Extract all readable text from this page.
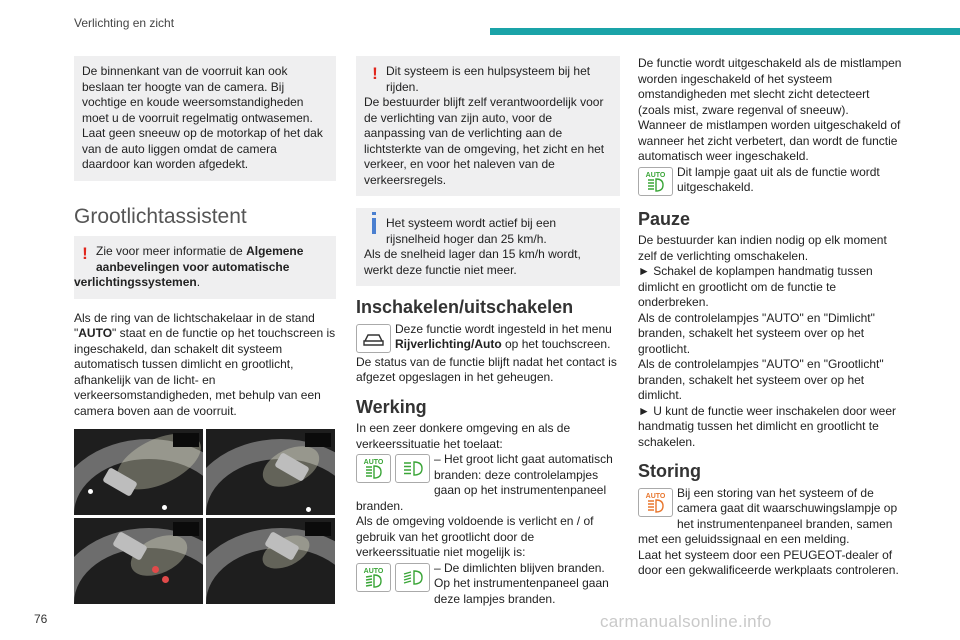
Verlichting en zicht

De binnenkant van de voorruit kan ook beslaan ter hoogte van de camera. Bij vochtige en koude weersomstandigheden moet u de voorruit regelmatig ontwasemen.

Laat geen sneeuw op de motorkap of het dak van de auto liggen omdat de camera daardoor kan worden afgedekt.

Grootlichtassistent
! Zie voor meer informatie de Algemene aanbevelingen voor automatische verlichtingssystemen.

Als de ring van de lichtschakelaar in de stand "AUTO" staat en de functie op het touchscreen is ingeschakeld, dan schakelt dit systeem automatisch tussen dimlicht en grootlicht, afhankelijk van de licht- en verkeersomstandigheden, met behulp van een camera boven aan de voorruit.

! Dit systeem is een hulpsysteem bij het rijden.

De bestuurder blijft zelf verantwoordelijk voor de verlichting van zijn auto, voor de aanpassing van de verlichting aan de lichtsterkte van de omgeving, het zicht en het verkeer, en voor het naleven van de verkeersregels.

Het systeem wordt actief bij een rijsnelheid hoger dan 25 km/h.

Als de snelheid lager dan 15 km/h wordt, werkt deze functie niet meer.

Inschakelen/uitschakelen

Deze functie wordt ingesteld in het menu Rijverlichting/Auto op het touchscreen.

De status van de functie blijft nadat het contact is afgezet opgeslagen in het geheugen.

Werking

In een zeer donkere omgeving en als de verkeerssituatie het toelaat:

AUTO	– Het groot licht gaat automatisch branden: deze controlelampjes gaan op het instrumentenpaneel branden.

Als de omgeving voldoende is verlicht en / of gebruik van het grootlicht door de verkeerssituatie niet mogelijk is:

AUTO	– De dimlichten blijven branden. Op het instrumentenpaneel gaan deze lampjes branden.

De functie wordt uitgeschakeld als de mistlampen worden ingeschakeld of het systeem omstandigheden met slecht zicht detecteert (zoals mist, zware regenval of sneeuw).

Wanneer de mistlampen worden uitgeschakeld of wanneer het zicht verbetert, dan wordt de functie automatisch weer ingeschakeld.

AUTO Dit lampje gaat uit als de functie wordt uitgeschakeld.

Pauze

De bestuurder kan indien nodig op elk moment zelf de verlichting omschakelen.

► Schakel de koplampen handmatig tussen dimlicht en grootlicht om de functie te onderbreken.

Als de controlelampjes "AUTO" en "Dimlicht" branden, schakelt het systeem over op het grootlicht.

Als de controlelampjes "AUTO" en "Grootlicht" branden, schakelt het systeem over op het dimlicht.

► U kunt de functie weer inschakelen door weer handmatig tussen het dimlicht en grootlicht te schakelen.

Storing
AUTO Bij een storing van het systeem of de camera gaat dit waarschuwingslampje op het instrumentenpaneel branden, samen met een geluidssignaal en een melding.

Laat het systeem door een PEUGEOT-dealer of door een gekwalificeerde werkplaats controleren.

76	carmanualsonline.info
